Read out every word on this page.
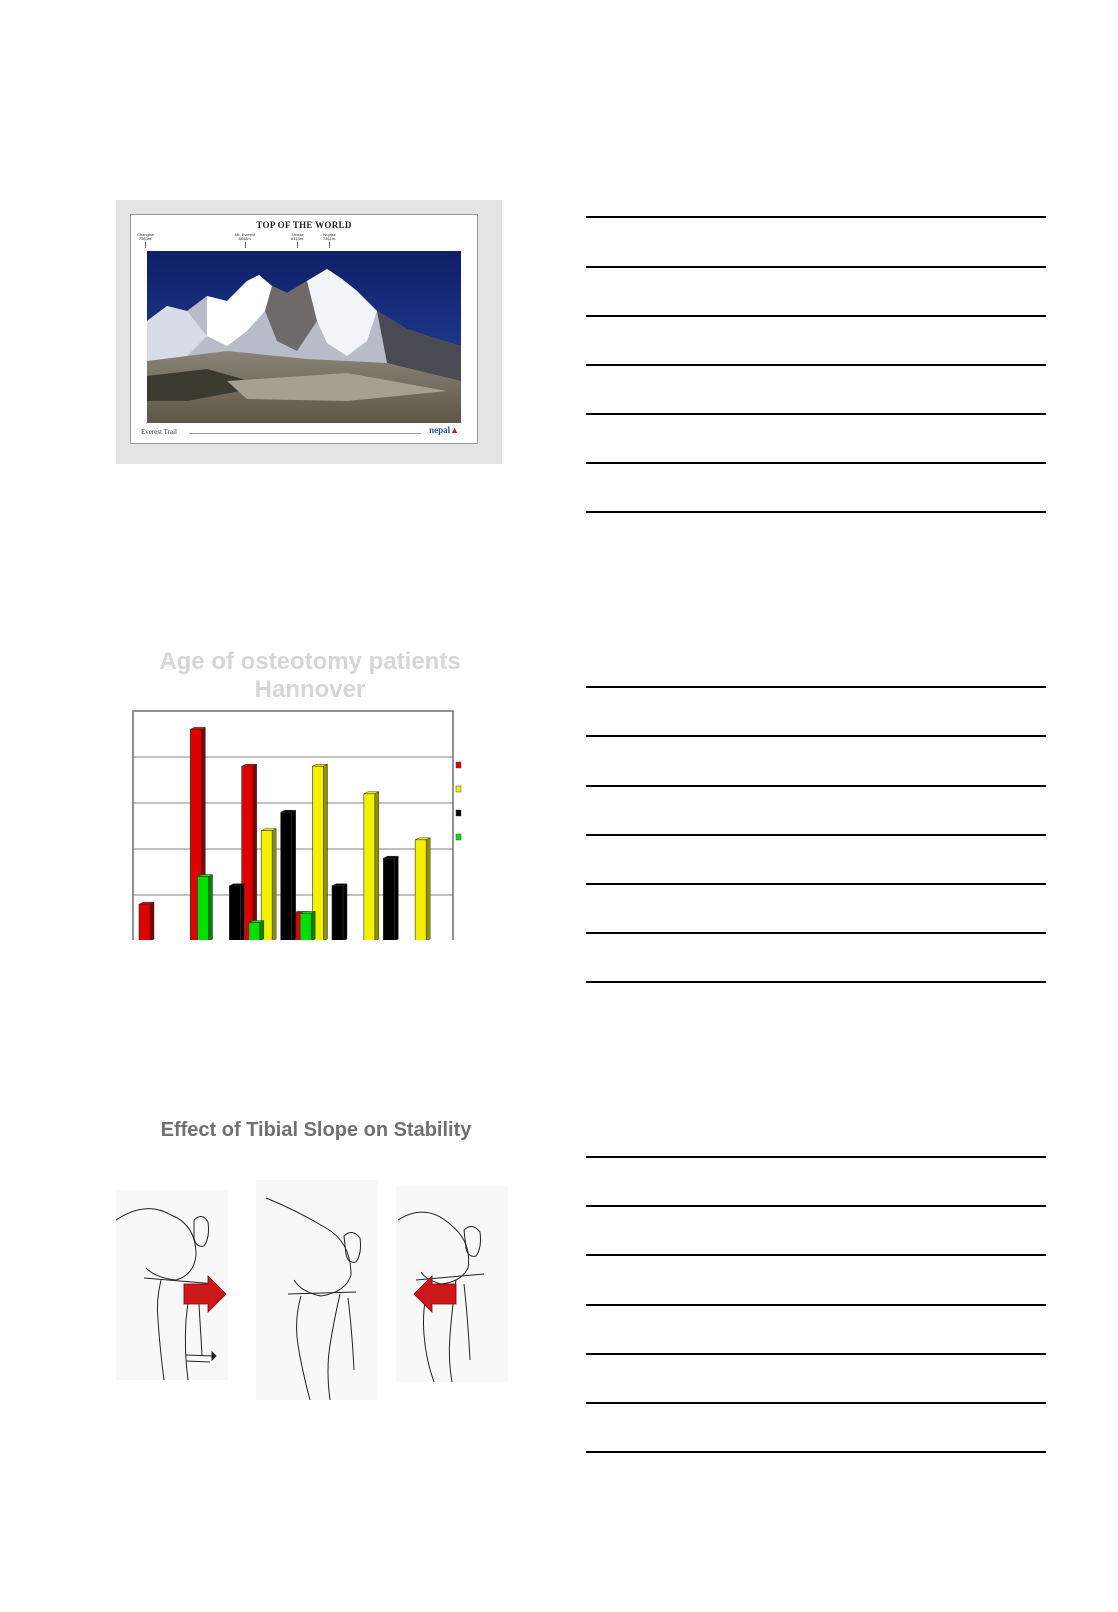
TOP OF THE WORLD
Changtse
7583m.
Mt. Everest
8848m.
Lhotse
8414m.
Nuptse
7861m.
Everest Trail	nepal▲
Age of osteotomy patients Hannover
Effect of Tibial Slope on Stability
